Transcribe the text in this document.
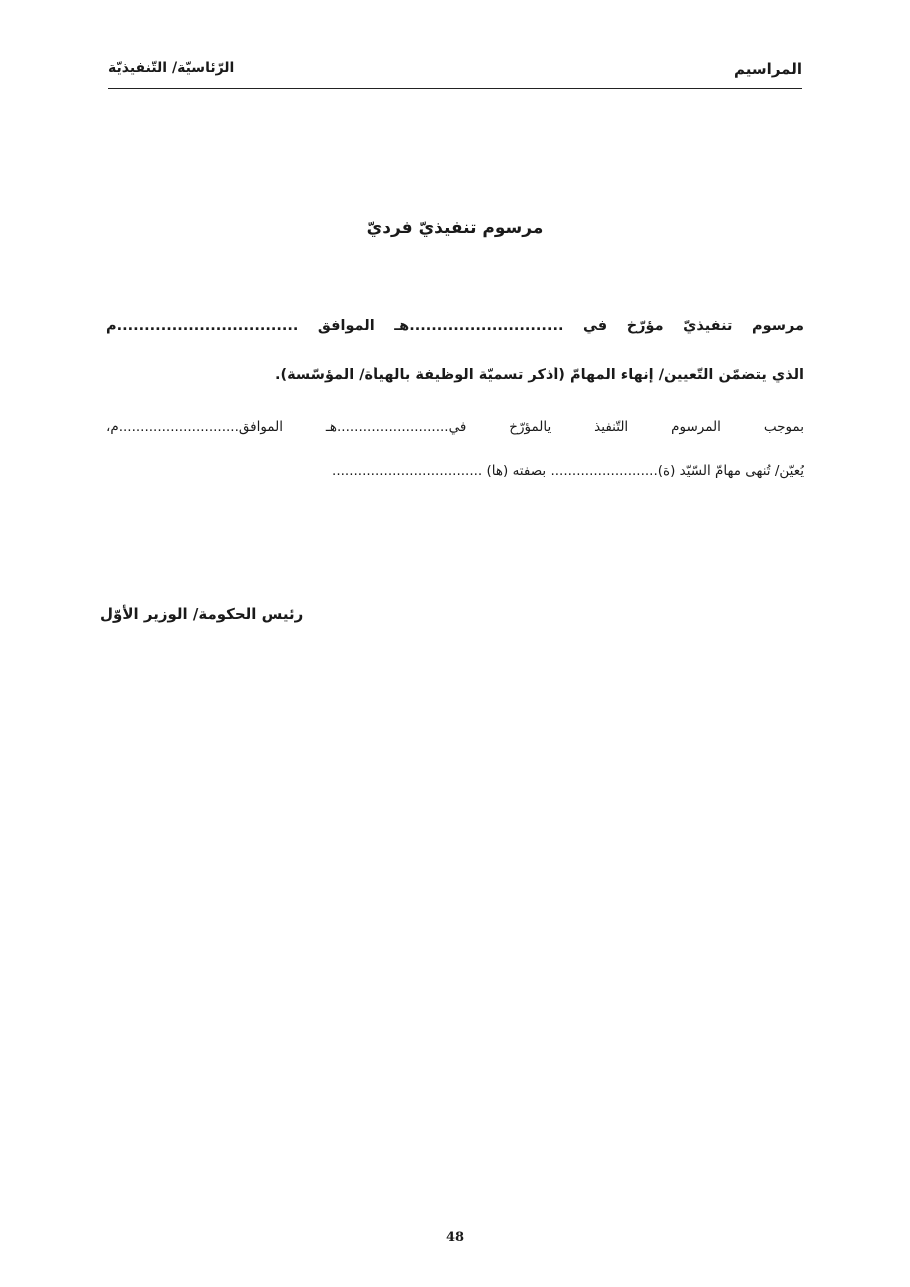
المراسيم
الرّئاسيّة/ التّنفيذيّة
مرسوم تنفيذيّ فرديّ
مرسوم تنفيذيّ مؤرّخ في ............................هـ الموافق .................................م
الذي يتضمّن التّعيين/ إنهاء المهامّ (أذكر تسميّة الوظيفة بالهيأة/ المؤسّسة).
بموجب المرسوم التّنفيذ يالمؤرّخ في..........................هـ الموافق............................م،
يُعيّن/ تُنهى مهامّ السّيّد (ة)......................... بصفته (ها) ...................................
رئيس الحكومة/ الوزير الأوّل
48
